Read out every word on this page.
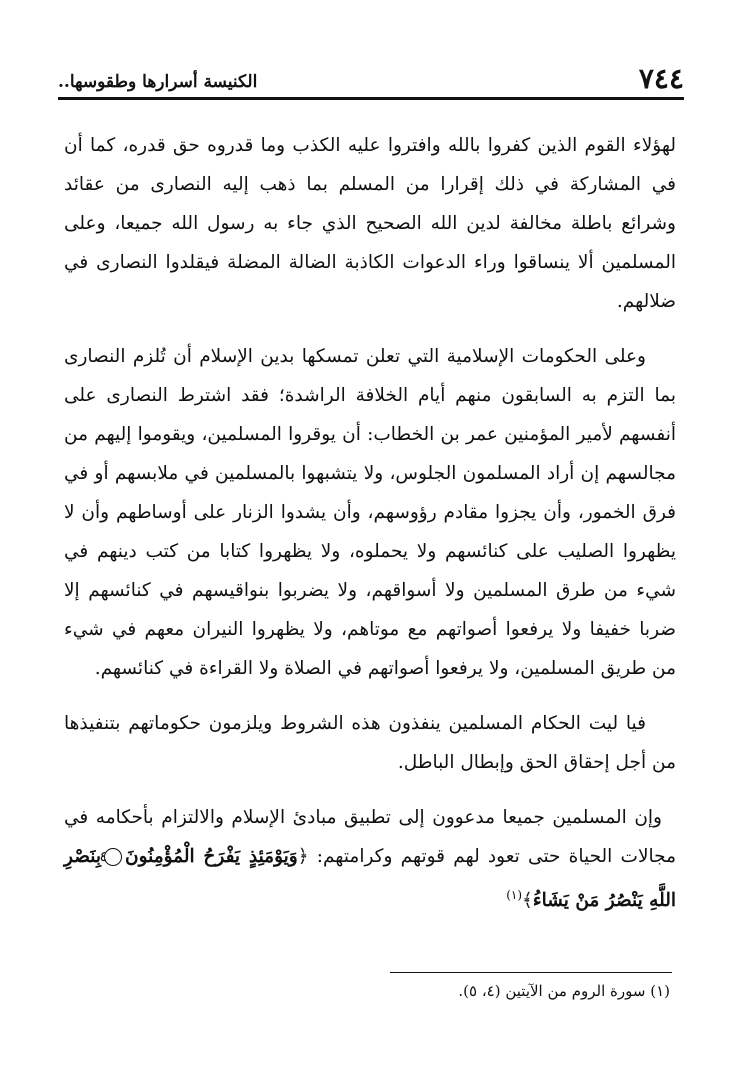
الكنيسة أسرارها وطقوسها..	٧٤٤

لهؤلاء القوم الذين كفروا بالله وافتروا عليه الكذب وما قدروه حق قدره، كما أن في المشاركة في ذلك إقرارا من المسلم بما ذهب إليه النصارى من عقائد وشرائع باطلة مخالفة لدين الله الصحيح الذي جاء به رسول الله جميعا، وعلى المسلمين ألا ينساقوا وراء الدعوات الكاذبة الضالة المضلة فيقلدوا النصارى في ضلالهم.

وعلى الحكومات الإسلامية التي تعلن تمسكها بدين الإسلام أن تُلزم النصارى بما التزم به السابقون منهم أيام الخلافة الراشدة؛ فقد اشترط النصارى على أنفسهم لأمير المؤمنين عمر بن الخطاب: أن يوقروا المسلمين، ويقوموا إليهم من مجالسهم إن أراد المسلمون الجلوس، ولا يتشبهوا بالمسلمين في ملابسهم أو في فرق الخمور، وأن يجزوا مقادم رؤوسهم، وأن يشدوا الزنار على أوساطهم وأن لا يظهروا الصليب على كنائسهم ولا يحملوه، ولا يظهروا كتابا من كتب دينهم في شيء من طرق المسلمين ولا أسواقهم، ولا يضربوا بنواقيسهم في كنائسهم إلا ضربا خفيفا ولا يرفعوا أصواتهم مع موتاهم، ولا يظهروا النيران معهم في شيء من طريق المسلمين، ولا يرفعوا أصواتهم في الصلاة ولا القراءة في كنائسهم.

فيا ليت الحكام المسلمين ينفذون هذه الشروط ويلزمون حكوماتهم بتنفيذها من أجل إحقاق الحق وإبطال الباطل.

وإن المسلمين جميعا مدعوون إلى تطبيق مبادئ الإسلام والالتزام بأحكامه في مجالات الحياة حتى تعود لهم قوتهم وكرامتهم: ﴿وَيَوْمَئِذٍ يَفْرَحُ الْمُؤْمِنُونَ٤بِنَصْرِ اللَّهِ يَنْصُرُ مَنْ يَشَاءُ﴾$^{(١)}$

(١) سورة الروم من الآيتين (٤، ٥).
